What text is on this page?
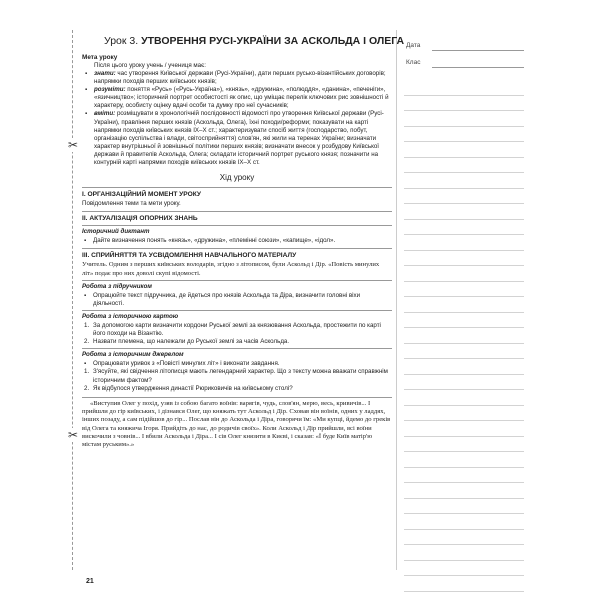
✂
✂
Урок 3. УТВОРЕННЯ РУСІ-УКРАЇНИ ЗА АСКОЛЬДА І ОЛЕГА

Мета уроку

Після цього уроку учень / учениця має:

▪ знати: час утворення Київської держави (Русі-України), дати перших русько-візантійських договорів; напрямки походів перших київських князів;
▪ розуміти: поняття «Русь» («Русь-Україна»), «князь», «дружина», «полюддя», «данина», «печеніги», «язичництво»; історичний портрет особистості як опис, що уміщає перелік ключових рис зовнішності й характеру, особисту оцінку вдачі особи та думку про неї сучасників;
▪ вміти: розміщувати в хронологічній послідовності відомості про утворення Київської держави (Русі-України), правління перших князів (Аскольда, Олега), їхні походи/реформи; показувати на карті напрямки походів київських князів IX–X ст.; характеризувати спосіб життя (господарство, побут, організацію суспільства і влади, світосприйняття) слов'ян, які жили на теренах України; визначати характер внутрішньої й зовнішньої політики перших князів; визначати внесок у розбудову Київської держави й правителів Аскольда, Олега; складати історичний портрет руського князя; позначити на контурній карті напрямки походів київських князів IX–X ст.
Хід уроку
I. ОРГАНІЗАЦІЙНИЙ МОМЕНТ УРОКУ

Повідомлення теми та мети уроку.

II. АКТУАЛІЗАЦІЯ ОПОРНИХ ЗНАНЬ
Історичний диктант

▪ Дайте визначення понять «князь», «дружина», «племінні союзи», «капище», «ідол».

III. СПРИЙНЯТТЯ ТА УСВІДОМЛЕННЯ НАВЧАЛЬНОГО МАТЕРІАЛУ

Учитель. Одним з перших київських володарів, згідно з літописом, були Аскольд і Дір. «Повість минулих літ» подає про них доволі скупі відомості.

Робота з підручником

▪ Опрацюйте текст підручника, де йдеться про князів Аскольда та Діра, визначити головні віхи діяльності.

Робота з історичною картою

1. За допомогою карти визначити кордони Руської землі за князювання Аскольда, простежити по карті його походи на Візантію.

2. Назвати племена, що належали до Руської землі за часів Аскольда.

Робота з історичним джерелом

▪ Опрацювати уривок з «Повісті минулих літ» і виконати завдання.

1. З'ясуйте, які свідчення літописця мають легендарний характер. Що з тексту можна вважати справжнім історичним фактом?

2. Як відбулося утвердження династії Рюриковичів на київському столі?

«Виступив Олег у похід, узяв із собою багато воїнів: варягів, чудь, слов'ян, мерю, весь, кривичів... І прийшли до гір київських, і дізнався Олег, що княжать тут Аскольд і Дір. Сховав він воїнів, одних у ладдях, інших позаду, а сам підійшов до гір... Послав він до Аскольда і Діра, говорячи їм: «Ми купці, йдемо до греків від Олега та княжича Ігоря. Прийдіть до нас, до родичів своїх». Коли Аскольд і Дір прийшли, всі воїни вискочили з човнів... І вбили Аскольда і Діра... І сів Олег князити в Києві, і сказав: «Ї буде Київ матір'ю містам руським».»

21
Дата
Клас
